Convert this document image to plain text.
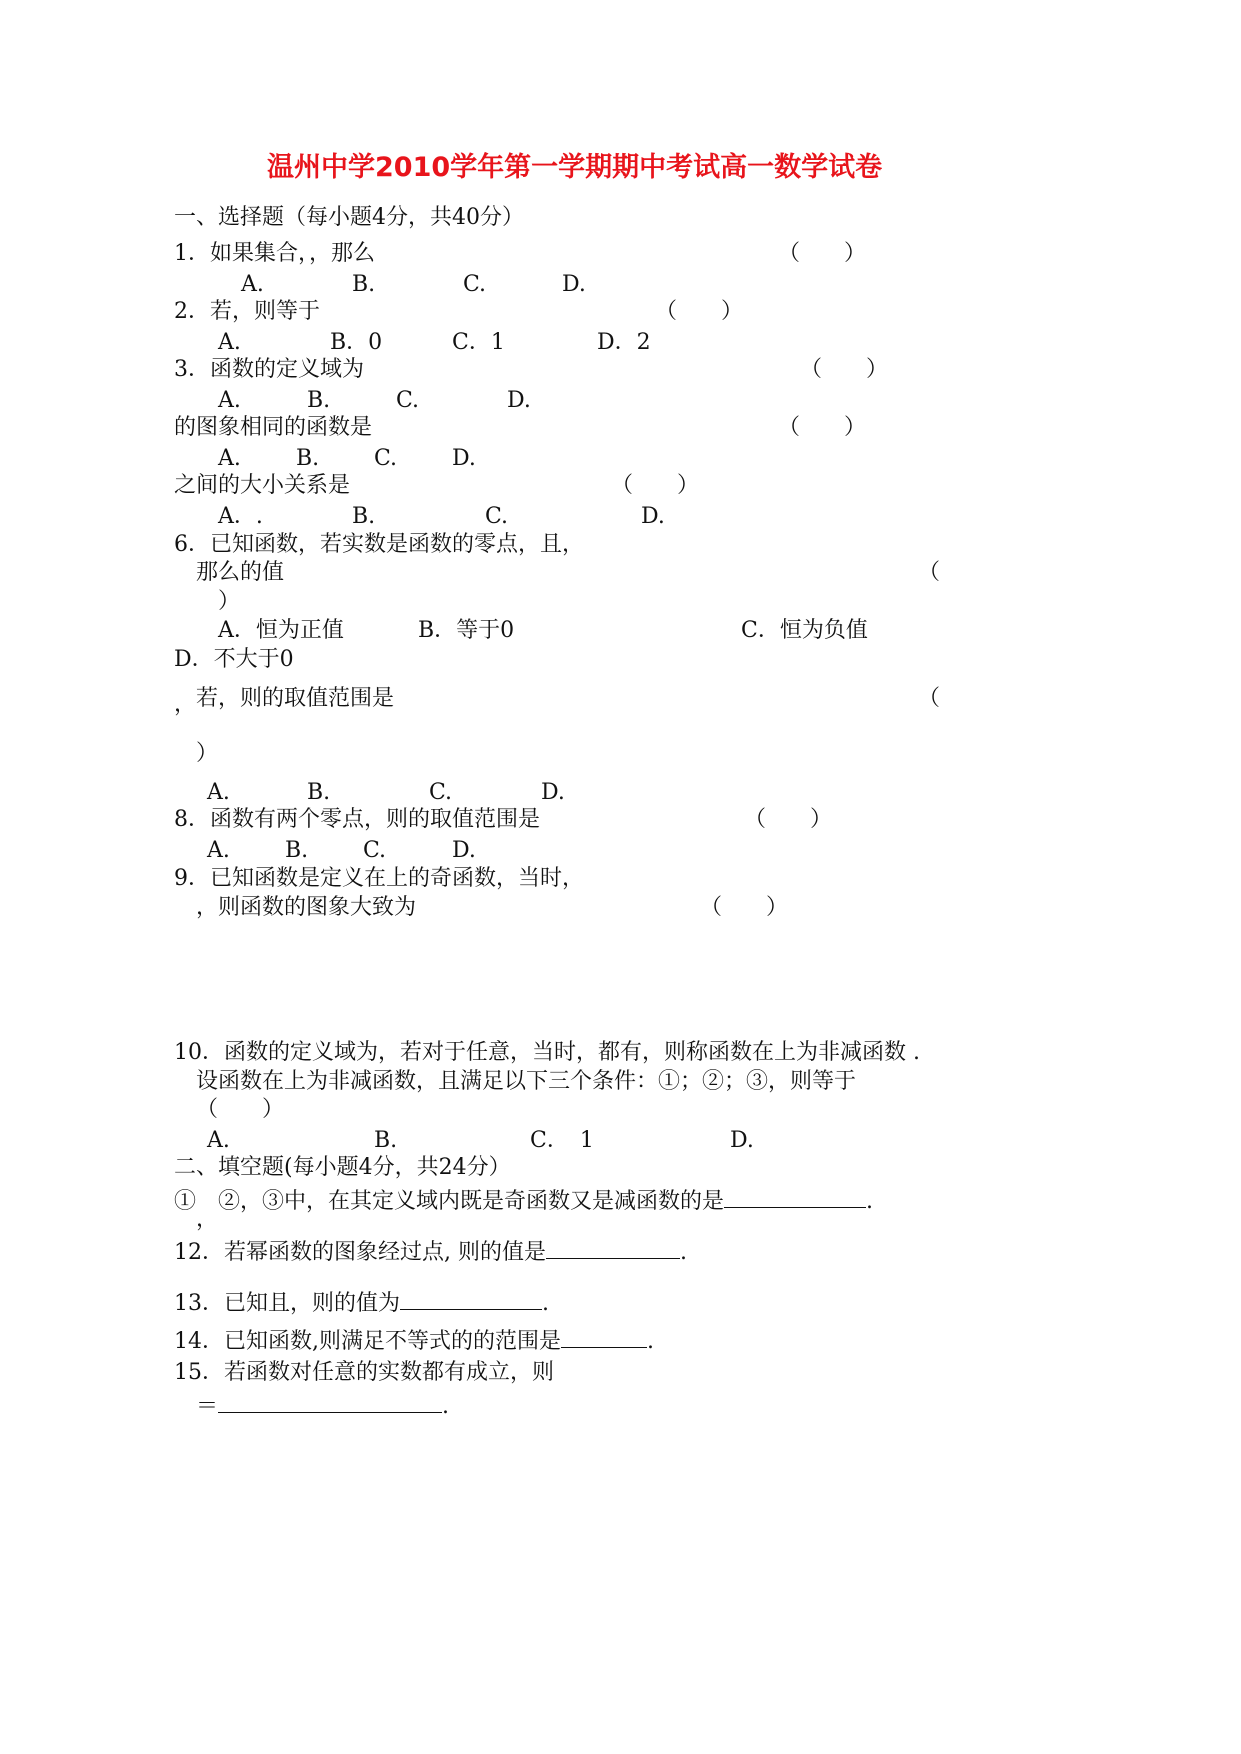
温州中学2010学年第一学期期中考试高一数学试卷
一、选择题（每小题4分，共40分）
1．如果集合，，那么	（　　）
A.	B.	C.	D.
2．若，则等于	（　　）
A.	B．0	C．1	D．2
3．函数的定义域为	（　　）
A.	B.	C.	D.
的图象相同的函数是	（　　）
A.	B. C. D.
之间的大小关系是	（　　）
A．.	B.	C.	D.
6．已知函数，若实数是函数的零点，且，
那么的值	（
）
A．恒为正值	B．等于0	C．恒为负值
D．不大于0
， 若，则的取值范围是	（
）
A.	B.	C.	D.
8．函数有两个零点，则的取值范围是	（　　）
A.	B. C.	D.
9．已知函数是定义在上的奇函数，当时，
，则函数的图象大致为	（　　）
10．函数的定义域为，若对于任意，当时，都有，则称函数在上为非减函数 .
设函数在上为非减函数，且满足以下三个条件：①；②；③，则等于
（　　）
A.	B.	C．　1	D.
二、填空题(每小题4分，共24分）
①　②，③中，在其定义域内既是奇函数又是减函数的是	.
，
12．若幂函数的图象经过点, 则的值是	.
13．已知且，则的值为	.
14．已知函数,则满足不等式的的范围是	.
15．若函数对任意的实数都有成立，则
＝	.
